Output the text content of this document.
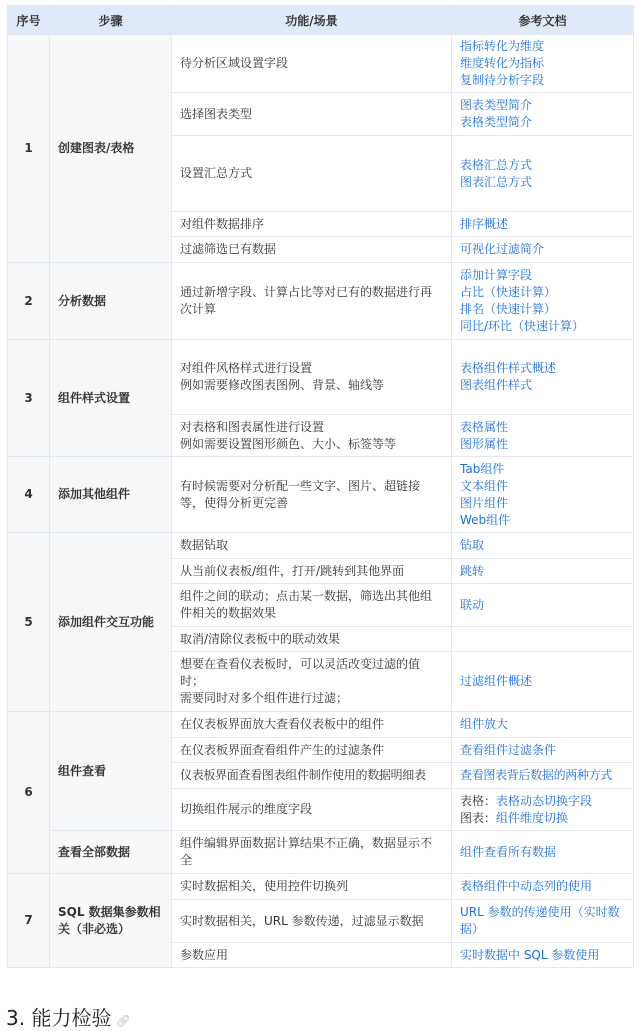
序号	步骤	功能/场景	参考文档
1	创建图表/表格	待分析区域设置字段	指标转化为维度
维度转化为指标
复制待分析字段

		选择图表类型	图表类型简介
表格类型简介

		设置汇总方式	表格汇总方式
图表汇总方式

		对组件数据排序	排序概述

		过滤筛选已有数据	可视化过滤简介

2	分析数据	通过新增字段、计算占比等对已有的数据进行再次计算	添加计算字段
占比（快速计算）
排名（快速计算）
同比/环比（快速计算）

3	组件样式设置	对组件风格样式进行设置
例如需要修改图表图例、背景、轴线等	表格组件样式概述
图表组件样式

		对表格和图表属性进行设置
例如需要设置图形颜色、大小、标签等等	表格属性
图形属性

4	添加其他组件	有时候需要对分析配一些文字、图片、超链接等，使得分析更完善	Tab组件
文本组件
图片组件
Web组件

5	添加组件交互功能	数据钻取	钻取

		从当前仪表板/组件，打开/跳转到其他界面	跳转

		组件之间的联动；点击某一数据，筛选出其他组件相关的数据效果	联动

		取消/清除仪表板中的联动效果	

		想要在查看仪表板时，可以灵活改变过滤的值时；
需要同时对多个组件进行过滤；	过滤组件概述

6	组件查看	在仪表板界面放大查看仪表板中的组件	组件放大

		在仪表板界面查看组件产生的过滤条件	查看组件过滤条件

		仪表板界面查看图表组件制作使用的数据明细表	查看图表背后数据的两种方式

		切换组件展示的维度字段	表格：表格动态切换字段
图表：组件维度切换

	查看全部数据	组件编辑界面数据计算结果不正确，数据显示不全	组件查看所有数据

7	SQL 数据集参数相关（非必选）	实时数据相关，使用控件切换列	表格组件中动态列的使用

		实时数据相关，URL 参数传递，过滤显示数据	URL 参数的传递使用（实时数据）

		参数应用	实时数据中 SQL 参数使用
3. 能力检验 🔗︎
